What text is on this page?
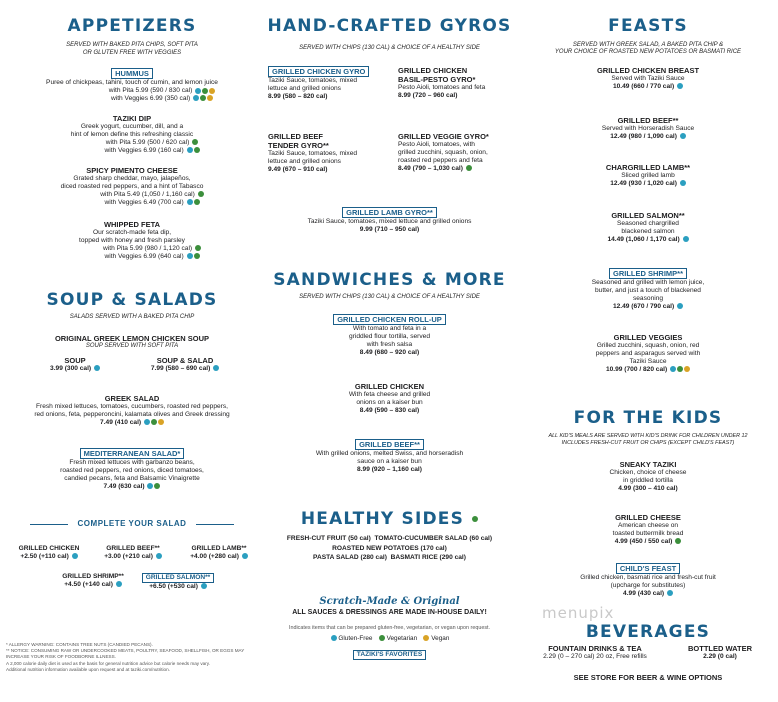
APPETIZERS
SERVED WITH BAKED PITA CHIPS, SOFT PITA
OR GLUTEN FREE WITH VEGGIES
HUMMUS
Puree of chickpeas, tahini, touch of cumin, and lemon juice
with Pita 5.99 (590 / 830 cal)
with Veggies 6.99 (350 cal)
TAZIKI DIP
Greek yogurt, cucumber, dill, and a
hint of lemon define this refreshing classic
with Pita 5.99 (500 / 620 cal)
with Veggies 6.99 (160 cal)
SPICY PIMENTO CHEESE
Grated sharp cheddar, mayo, jalapeños,
diced roasted red peppers, and a hint of Tabasco
with Pita 5.49 (1,050 / 1,160 cal)
with Veggies 6.49 (700 cal)
WHIPPED FETA
Our scratch-made feta dip,
topped with honey and fresh parsley
with Pita 5.99 (980 / 1,120 cal)
with Veggies 6.99 (640 cal)
SOUP & SALADS
SALADS SERVED WITH A BAKED PITA CHIP
ORIGINAL GREEK LEMON CHICKEN SOUP
SOUP SERVED WITH SOFT PITA
SOUP
3.99 (300 cal)
SOUP & SALAD
7.99 (580 – 690 cal)
GREEK SALAD
Fresh mixed lettuces, tomatoes, cucumbers, roasted red peppers,
red onions, feta, pepperoncini, kalamata olives and Greek dressing
7.49 (410 cal)
MEDITERRANEAN SALAD*
Fresh mixed lettuces with garbanzo beans,
roasted red peppers, red onions, diced tomatoes,
candied pecans, feta and Balsamic Vinaigrette
7.49 (630 cal)
COMPLETE YOUR SALAD
GRILLED CHICKEN
+2.50 (+110 cal)
GRILLED BEEF**
+3.00 (+210 cal)
GRILLED LAMB**
+4.00 (+280 cal)
GRILLED SHRIMP**
+4.50 (+140 cal)
GRILLED SALMON**
+6.50 (+530 cal)
* ALLERGY WARNING: CONTAINS TREE NUTS (CANDIED PECANS).
** NOTICE: CONSUMING RAW OR UNDERCOOKED MEATS, POULTRY, SEAFOOD, SHELLFISH, OR EGGS MAY
INCREASE YOUR RISK OF FOODBORNE ILLNESS.
A 2,000 calorie daily diet is used as the basis for general nutrition advice but calorie needs may vary.
Additional nutrition information available upon request and at taziki.com/nutrition.
HAND-CRAFTED GYROS
SERVED WITH CHIPS (130 CAL) & CHOICE OF A HEALTHY SIDE
GRILLED CHICKEN GYRO
Taziki Sauce, tomatoes, mixed
lettuce and grilled onions
8.99 (580 – 820 cal)
GRILLED CHICKEN
BASIL-PESTO GYRO*
Pesto Aioli, tomatoes and feta
8.99 (720 – 960 cal)
GRILLED BEEF
TENDER GYRO**
Taziki Sauce, tomatoes, mixed
lettuce and grilled onions
9.49 (670 – 910 cal)
GRILLED VEGGIE GYRO*
Pesto Aioli, tomatoes, with
grilled zucchini, squash, onion,
roasted red peppers and feta
8.49 (790 – 1,030 cal)
GRILLED LAMB GYRO**
Taziki Sauce, tomatoes, mixed lettuce and grilled onions
9.99 (710 – 950 cal)
SANDWICHES & MORE
SERVED WITH CHIPS (130 CAL) & CHOICE OF A HEALTHY SIDE
GRILLED CHICKEN ROLL-UP
With tomato and feta in a
griddled flour tortilla, served
with fresh salsa
8.49 (680 – 920 cal)
GRILLED CHICKEN
With feta cheese and grilled
onions on a kaiser bun
8.49 (590 – 830 cal)
GRILLED BEEF**
With grilled onions, melted Swiss, and horseradish
sauce on a kaiser bun
8.99 (920 – 1,160 cal)
HEALTHY SIDES
FRESH-CUT FRUIT (50 cal) TOMATO-CUCUMBER SALAD (60 cal)
ROASTED NEW POTATOES (170 cal)
PASTA SALAD (280 cal) BASMATI RICE (290 cal)
Scratch-Made & Original
ALL SAUCES & DRESSINGS ARE MADE IN-HOUSE DAILY!
Indicates items that can be prepared gluten-free, vegetarian, or vegan upon request.
Gluten-Free Vegetarian Vegan
TAZIKI'S FAVORITES
FEASTS
SERVED WITH GREEK SALAD, A BAKED PITA CHIP &
YOUR CHOICE OF ROASTED NEW POTATOES OR BASMATI RICE
GRILLED CHICKEN BREAST
Served with Taziki Sauce
10.49 (660 / 770 cal)
GRILLED BEEF**
Served with Horseradish Sauce
12.49 (980 / 1,090 cal)
CHARGRILLED LAMB**
Sliced grilled lamb
12.49 (930 / 1,020 cal)
GRILLED SALMON**
Seasoned chargrilled
blackened salmon
14.49 (1,060 / 1,170 cal)
GRILLED SHRIMP**
Seasoned and grilled with lemon juice,
butter, and just a touch of blackened
seasoning
12.49 (670 / 790 cal)
GRILLED VEGGIES
Grilled zucchini, squash, onion, red
peppers and asparagus served with
Taziki Sauce
10.99 (700 / 820 cal)
FOR THE KIDS
ALL KID'S MEALS ARE SERVED WITH KID'S DRINK FOR CHILDREN UNDER 12
INCLUDES FRESH-CUT FRUIT OR CHIPS (EXCEPT CHILD'S FEAST)
SNEAKY TAZIKI
Chicken, choice of cheese
in griddled tortilla
4.99 (300 – 410 cal)
GRILLED CHEESE
American cheese on
toasted buttermilk bread
4.99 (450 / 550 cal)
CHILD'S FEAST
Grilled chicken, basmati rice and fresh-cut fruit
(upcharge for substitutes)
4.99 (430 cal)
menupix
BEVERAGES
FOUNTAIN DRINKS & TEA
2.29 (0 – 270 cal) 20 oz, Free refills
BOTTLED WATER
2.29 (0 cal)
SEE STORE FOR BEER & WINE OPTIONS
